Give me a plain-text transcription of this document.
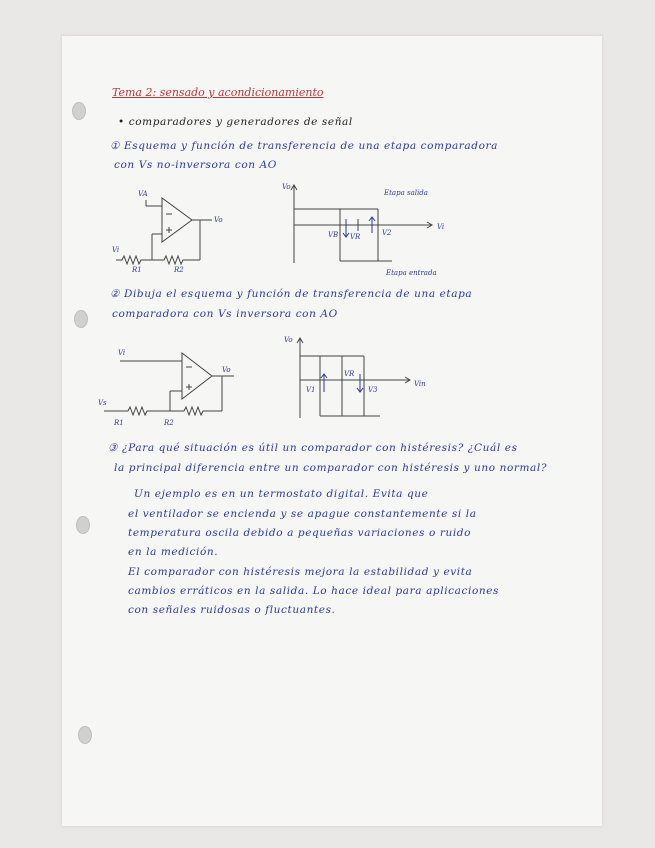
Tema 2: sensado y acondicionamiento
• comparadores y generadores de señal
① Esquema y función de transferencia de una etapa comparadora
con Vs no-inversora con AO
VA
Vo
Vi
R1	R2
Vo
Vi
VB VR	V2
Etapa salida
Etapa entrada
② Dibuja el esquema y función de transferencia de una etapa
comparadora con Vs inversora con AO
Vi
Vo
Vs
R1	R2
Vo
Vin
V1
VR
V3
③ ¿Para qué situación es útil un comparador con histéresis? ¿Cuál es
la principal diferencia entre un comparador con histéresis y uno normal?
Un ejemplo es en un termostato digital. Evita que
el ventilador se encienda y se apague constantemente si la
temperatura oscila debido a pequeñas variaciones o ruido
en la medición.
El comparador con histéresis mejora la estabilidad y evita
cambios erráticos en la salida. Lo hace ideal para aplicaciones
con señales ruidosas o fluctuantes.
